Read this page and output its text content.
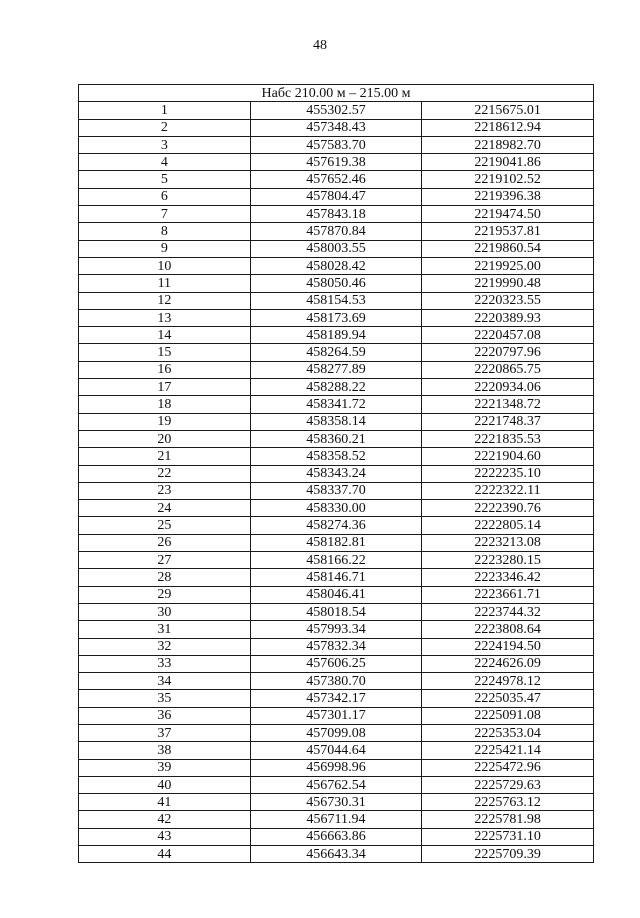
48
Набс 210.00 м – 215.00 м		
1	455302.57	2215675.01
2	457348.43	2218612.94
3	457583.70	2218982.70
4	457619.38	2219041.86
5	457652.46	2219102.52
6	457804.47	2219396.38
7	457843.18	2219474.50
8	457870.84	2219537.81
9	458003.55	2219860.54
10	458028.42	2219925.00
11	458050.46	2219990.48
12	458154.53	2220323.55
13	458173.69	2220389.93
14	458189.94	2220457.08
15	458264.59	2220797.96
16	458277.89	2220865.75
17	458288.22	2220934.06
18	458341.72	2221348.72
19	458358.14	2221748.37
20	458360.21	2221835.53
21	458358.52	2221904.60
22	458343.24	2222235.10
23	458337.70	2222322.11
24	458330.00	2222390.76
25	458274.36	2222805.14
26	458182.81	2223213.08
27	458166.22	2223280.15
28	458146.71	2223346.42
29	458046.41	2223661.71
30	458018.54	2223744.32
31	457993.34	2223808.64
32	457832.34	2224194.50
33	457606.25	2224626.09
34	457380.70	2224978.12
35	457342.17	2225035.47
36	457301.17	2225091.08
37	457099.08	2225353.04
38	457044.64	2225421.14
39	456998.96	2225472.96
40	456762.54	2225729.63
41	456730.31	2225763.12
42	456711.94	2225781.98
43	456663.86	2225731.10
44	456643.34	2225709.39
